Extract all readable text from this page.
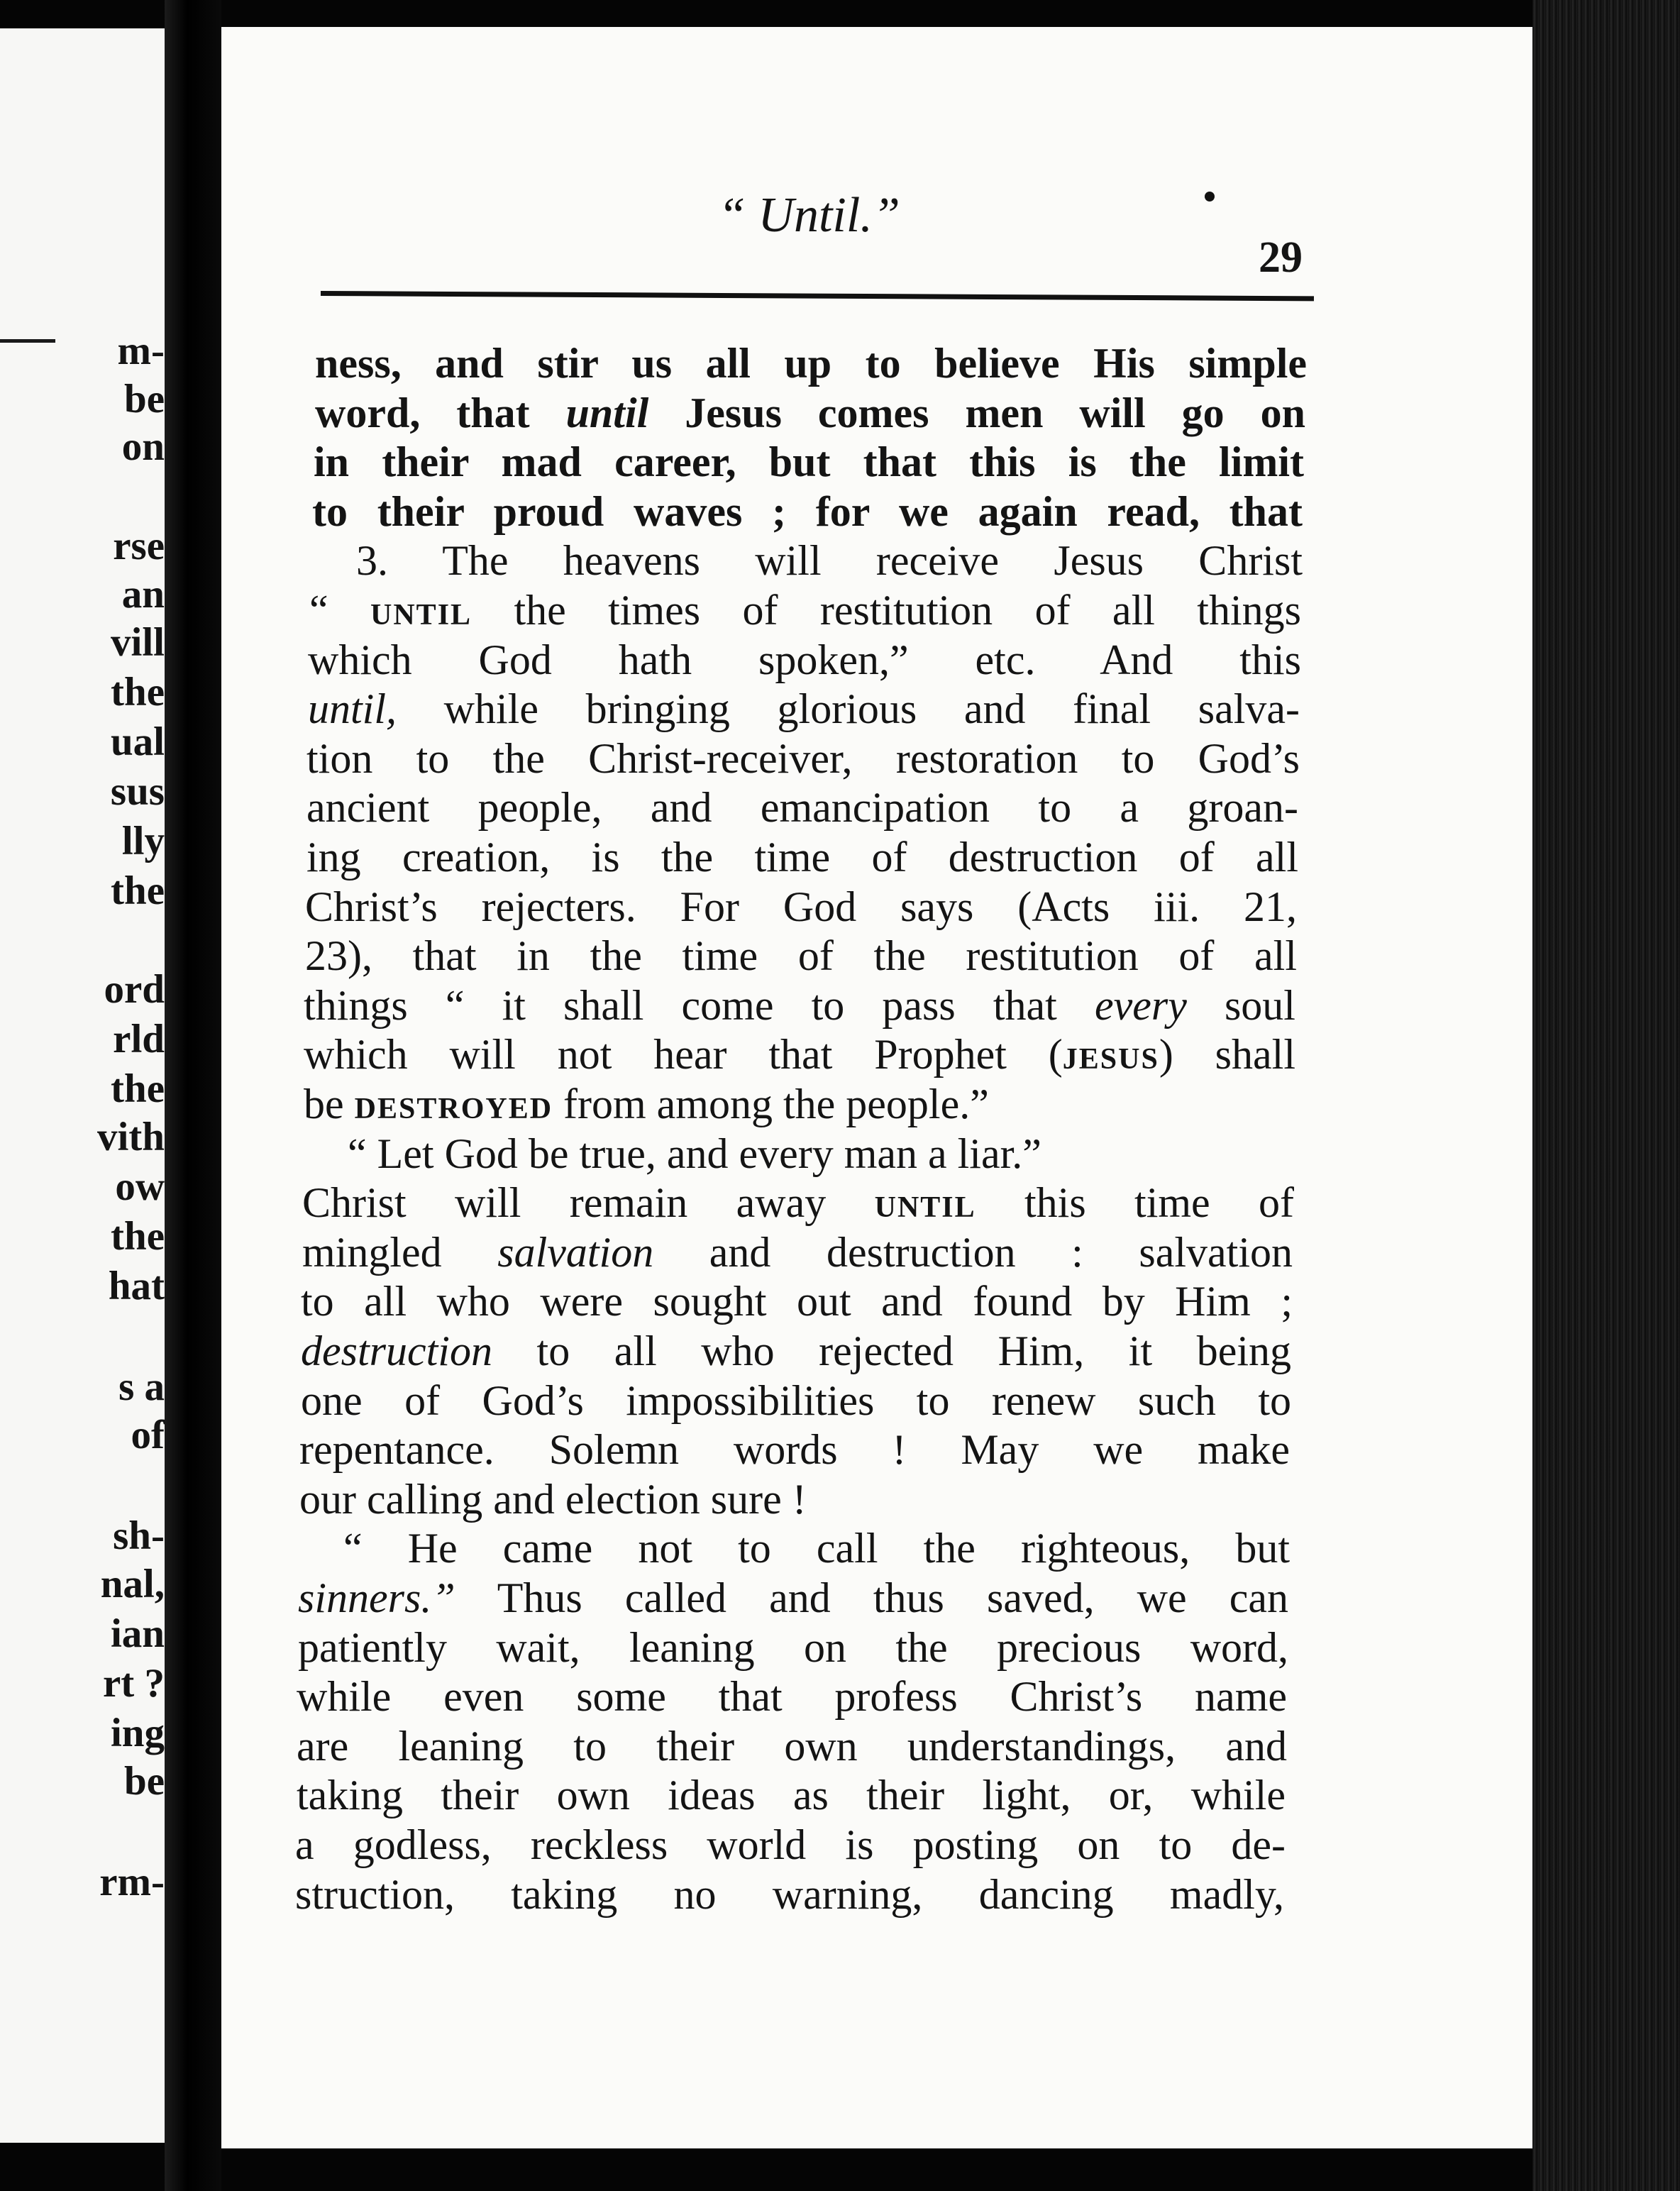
m-
be
on
rse
an
vill
the
ual
sus
lly
the
ord
rld
the
vith
ow
the
hat
s a
of
sh-
nal,
ian
rt ?
ing
be
rm-
“ Until.”
29
ness, and stir us all up to believe His simple
word, that until Jesus comes men will go on
in their mad career, but that this is the limit
to their proud waves ; for we again read, that
3. The heavens will receive Jesus Christ
“ until the times of restitution of all things
which God hath spoken,” etc. And this
until, while bringing glorious and final salva-
tion to the Christ-receiver, restoration to God’s
ancient people, and emancipation to a groan-
ing creation, is the time of destruction of all
Christ’s rejecters. For God says (Acts iii. 21,
23), that in the time of the restitution of all
things “ it shall come to pass that every soul
which will not hear that Prophet (jesus) shall
be destroyed from among the people.”
“ Let God be true, and every man a liar.”
Christ will remain away until this time of
mingled salvation and destruction : salvation
to all who were sought out and found by Him ;
destruction to all who rejected Him, it being
one of God’s impossibilities to renew such to
repentance. Solemn words ! May we make
our calling and election sure !
“ He came not to call the righteous, but
sinners.” Thus called and thus saved, we can
patiently wait, leaning on the precious word,
while even some that profess Christ’s name
are leaning to their own understandings, and
taking their own ideas as their light, or, while
a godless, reckless world is posting on to de-
struction, taking no warning, dancing madly,
